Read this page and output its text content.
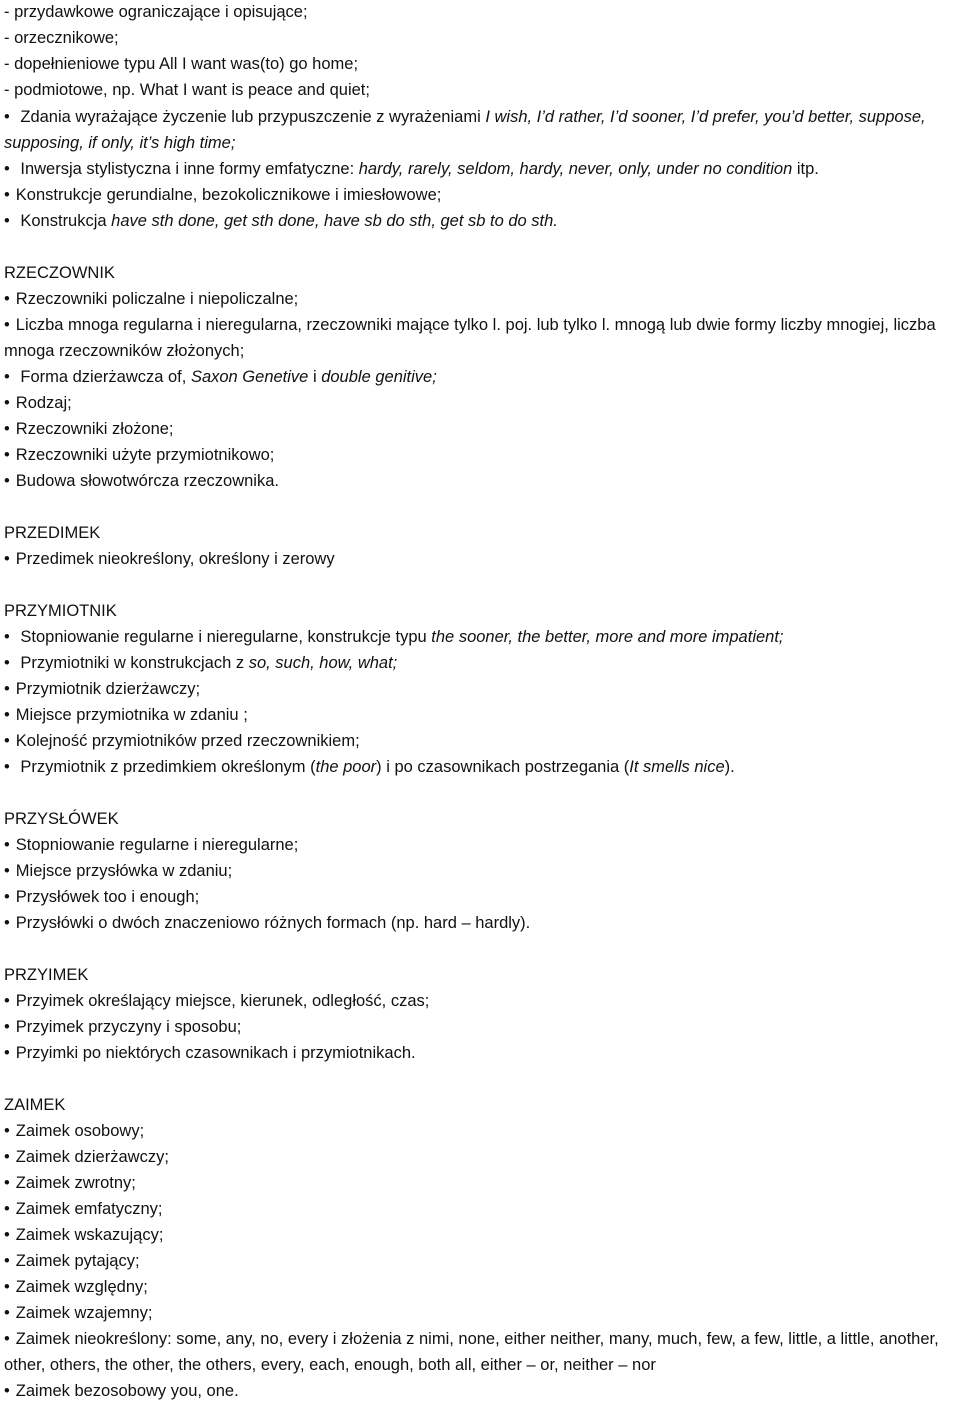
- przydawkowe ograniczające i opisujące;
- orzecznikowe;
- dopełnieniowe typu All I want was(to) go home;
- podmiotowe, np. What I want is peace and quiet;
• Zdania wyrażające życzenie lub przypuszczenie z wyrażeniami I wish, I’d rather, I’d sooner, I’d prefer, you’d better, suppose, supposing, if only, it’s high time;
• Inwersja stylistyczna i inne formy emfatyczne: hardy, rarely, seldom, hardy, never, only, under no condition itp.
• Konstrukcje gerundialne, bezokolicznikowe i imiesłowowe;
• Konstrukcja have sth done, get sth done, have sb do sth, get sb to do sth.
RZECZOWNIK
• Rzeczowniki policzalne i niepoliczalne;
• Liczba mnoga regularna i nieregularna, rzeczowniki mające tylko l. poj. lub tylko l. mnogą lub dwie formy liczby mnogiej, liczba mnoga rzeczowników złożonych;
• Forma dzierżawcza of, Saxon Genetive i double genitive;
• Rodzaj;
• Rzeczowniki złożone;
• Rzeczowniki użyte przymiotnikowo;
• Budowa słowotwórcza rzeczownika.
PRZEDIMEK
• Przedimek nieokreślony, określony i zerowy
PRZYMIOTNIK
• Stopniowanie regularne i nieregularne, konstrukcje typu the sooner, the better, more and more impatient;
• Przymiotniki w konstrukcjach z so, such, how, what;
• Przymiotnik dzierżawczy;
• Miejsce przymiotnika w zdaniu ;
• Kolejność przymiotników przed rzeczownikiem;
• Przymiotnik z przedimkiem określonym (the poor) i po czasownikach postrzegania (It smells nice).
PRZYSŁÓWEK
• Stopniowanie regularne i nieregularne;
• Miejsce przysłówka w zdaniu;
• Przysłówek too i enough;
• Przysłówki o dwóch znaczeniowo różnych formach (np. hard – hardly).
PRZYIMEK
• Przyimek określający miejsce, kierunek, odległość, czas;
• Przyimek przyczyny i sposobu;
• Przyimki po niektórych czasownikach i przymiotnikach.
ZAIMEK
• Zaimek osobowy;
• Zaimek dzierżawczy;
• Zaimek zwrotny;
• Zaimek emfatyczny;
• Zaimek wskazujący;
• Zaimek pytający;
• Zaimek względny;
• Zaimek wzajemny;
• Zaimek nieokreślony: some, any, no, every i złożenia z nimi, none, either neither, many, much, few, a few, little, a little, another, other, others, the other, the others, every, each, enough, both all, either – or, neither – nor
• Zaimek bezosobowy you, one.
